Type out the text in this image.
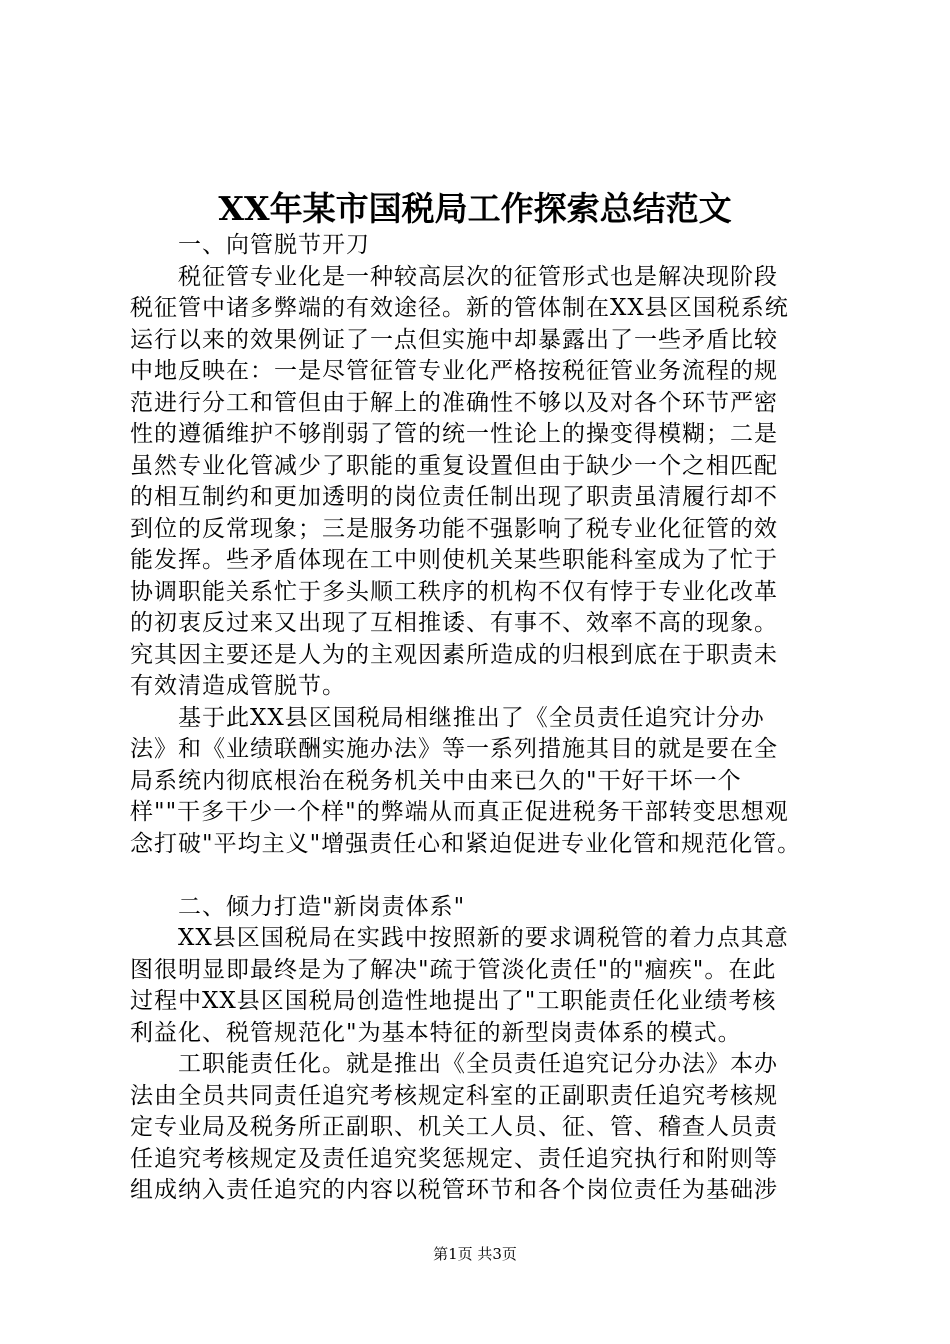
XX年某市国税局工作探索总结范文
　　一、向管脱节开刀
　　税征管专业化是一种较高层次的征管形式也是解决现阶段
税征管中诸多弊端的有效途径。新的管体制在XX县区国税系统
运行以来的效果例证了一点但实施中却暴露出了一些矛盾比较
中地反映在：一是尽管征管专业化严格按税征管业务流程的规
范进行分工和管但由于解上的准确性不够以及对各个环节严密
性的遵循维护不够削弱了管的统一性论上的操变得模糊；二是
虽然专业化管减少了职能的重复设置但由于缺少一个之相匹配
的相互制约和更加透明的岗位责任制出现了职责虽清履行却不
到位的反常现象；三是服务功能不强影响了税专业化征管的效
能发挥。些矛盾体现在工中则使机关某些职能科室成为了忙于
协调职能关系忙于多头顺工秩序的机构不仅有悖于专业化改革
的初衷反过来又出现了互相推诿、有事不、效率不高的现象。
究其因主要还是人为的主观因素所造成的归根到底在于职责未
有效清造成管脱节。
　　基于此XX县区国税局相继推出了《全员责任追究计分办
法》和《业绩联酬实施办法》等一系列措施其目的就是要在全
局系统内彻底根治在税务机关中由来已久的"干好干坏一个
样""干多干少一个样"的弊端从而真正促进税务干部转变思想观
念打破"平均主义"增强责任心和紧迫促进专业化管和规范化管。
　　二、倾力打造"新岗责体系"
　　XX县区国税局在实践中按照新的要求调税管的着力点其意
图很明显即最终是为了解决"疏于管淡化责任"的"痼疾"。在此
过程中XX县区国税局创造性地提出了"工职能责任化业绩考核
利益化、税管规范化"为基本特征的新型岗责体系的模式。
　　工职能责任化。就是推出《全员责任追究记分办法》本办
法由全员共同责任追究考核规定科室的正副职责任追究考核规
定专业局及税务所正副职、机关工人员、征、管、稽查人员责
任追究考核规定及责任追究奖惩规定、责任追究执行和附则等
组成纳入责任追究的内容以税管环节和各个岗位责任为基础涉
第1页 共3页
